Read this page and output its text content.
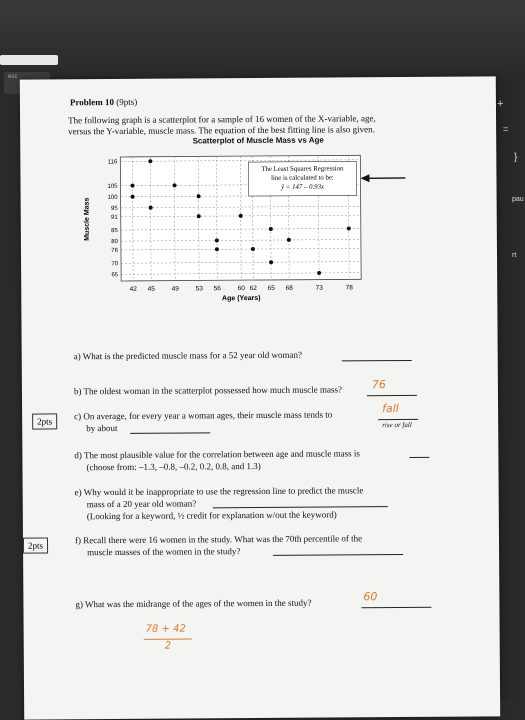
esc
+
=
}
pau
rt
Problem 10 (9pts)
The following graph is a scatterplot for a sample of 16 women of the X-variable, age,
versus the Y-variable, muscle mass. The equation of the best fitting line is also given.
Scatterplot of Muscle Mass vs Age
42 45	49	53 56	60 62 65 68	73	78
65
70
76
80
85
91
95
100
105
116
Age (Years)
Muscle Mass
The Least Squares Regression
line is calculated to be:
ŷ = 147 – 0.93x
a) What is the predicted muscle mass for a 52 year old woman?
b) The oldest woman in the scatterplot possessed how much muscle mass?	76
2pts
c) On average, for every year a woman ages, their muscle mass tends to
fall
by about	rise or fall
d) The most plausible value for the correlation between age and muscle mass is
(choose from: –1.3, –0.8, –0.2, 0.2, 0.8, and 1.3)
e) Why would it be inappropriate to use the regression line to predict the muscle
mass of a 20 year old woman?
(Looking for a keyword, ½ credit for explanation w/out the keyword)
2pts
f) Recall there were 16 women in the study. What was the 70th percentile of the
muscle masses of the women in the study?
g) What was the midrange of the ages of the women in the study?
60
78 + 42
2
